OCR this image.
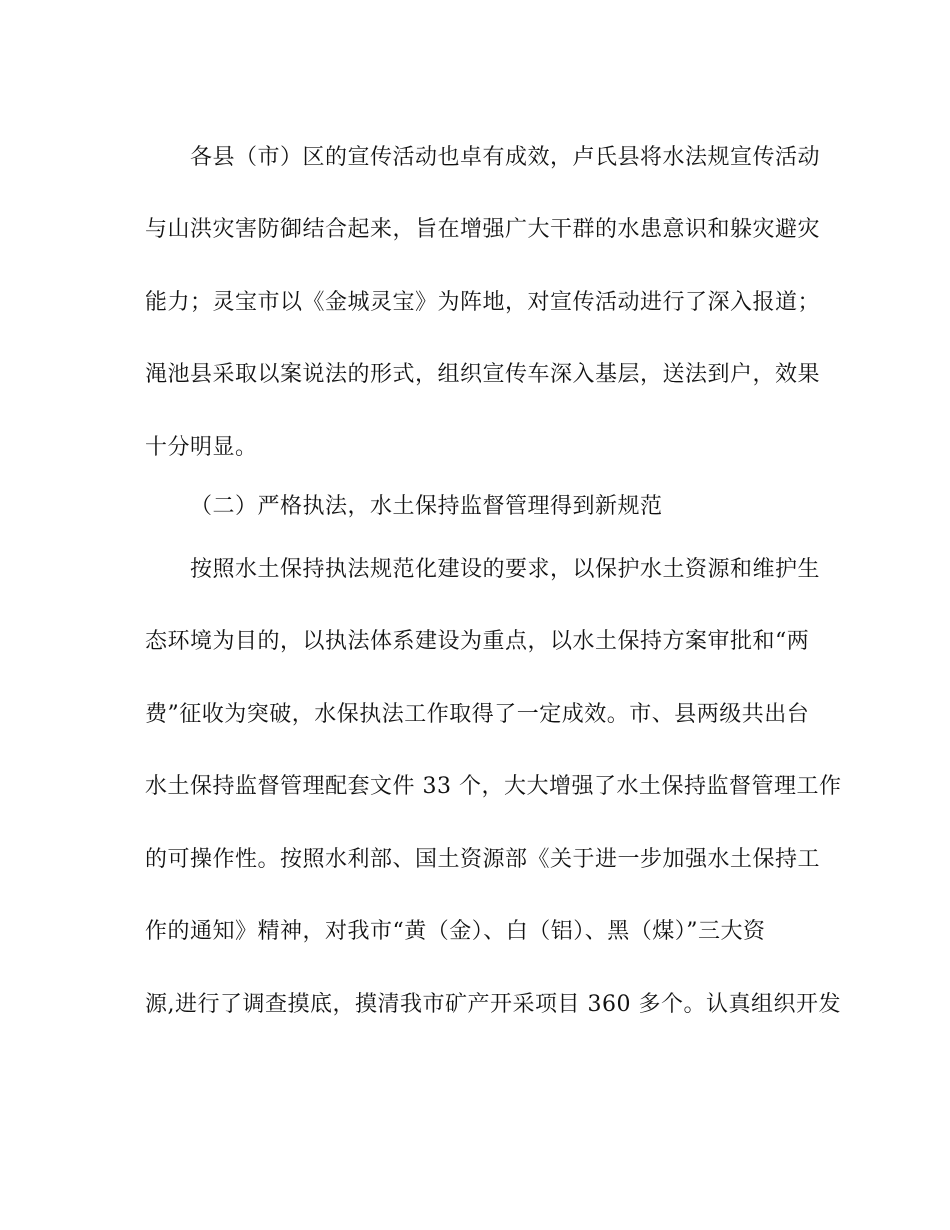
各县（市）区的宣传活动也卓有成效，卢氏县将水法规宣传活动
与山洪灾害防御结合起来，旨在增强广大干群的水患意识和躲灾避灾
能力；灵宝市以《金城灵宝》为阵地，对宣传活动进行了深入报道；
渑池县采取以案说法的形式，组织宣传车深入基层，送法到户，效果
十分明显。
（二）严格执法，水土保持监督管理得到新规范
按照水土保持执法规范化建设的要求，以保护水土资源和维护生
态环境为目的，以执法体系建设为重点，以水土保持方案审批和“两
费”征收为突破，水保执法工作取得了一定成效。市、县两级共出台
水土保持监督管理配套文件 33 个，大大增强了水土保持监督管理工作
的可操作性。按照水利部、国土资源部《关于进一步加强水土保持工
作的通知》精神，对我市“黄（金）、白（铝）、黑（煤）”三大资
源,进行了调查摸底，摸清我市矿产开采项目 360 多个。认真组织开发
